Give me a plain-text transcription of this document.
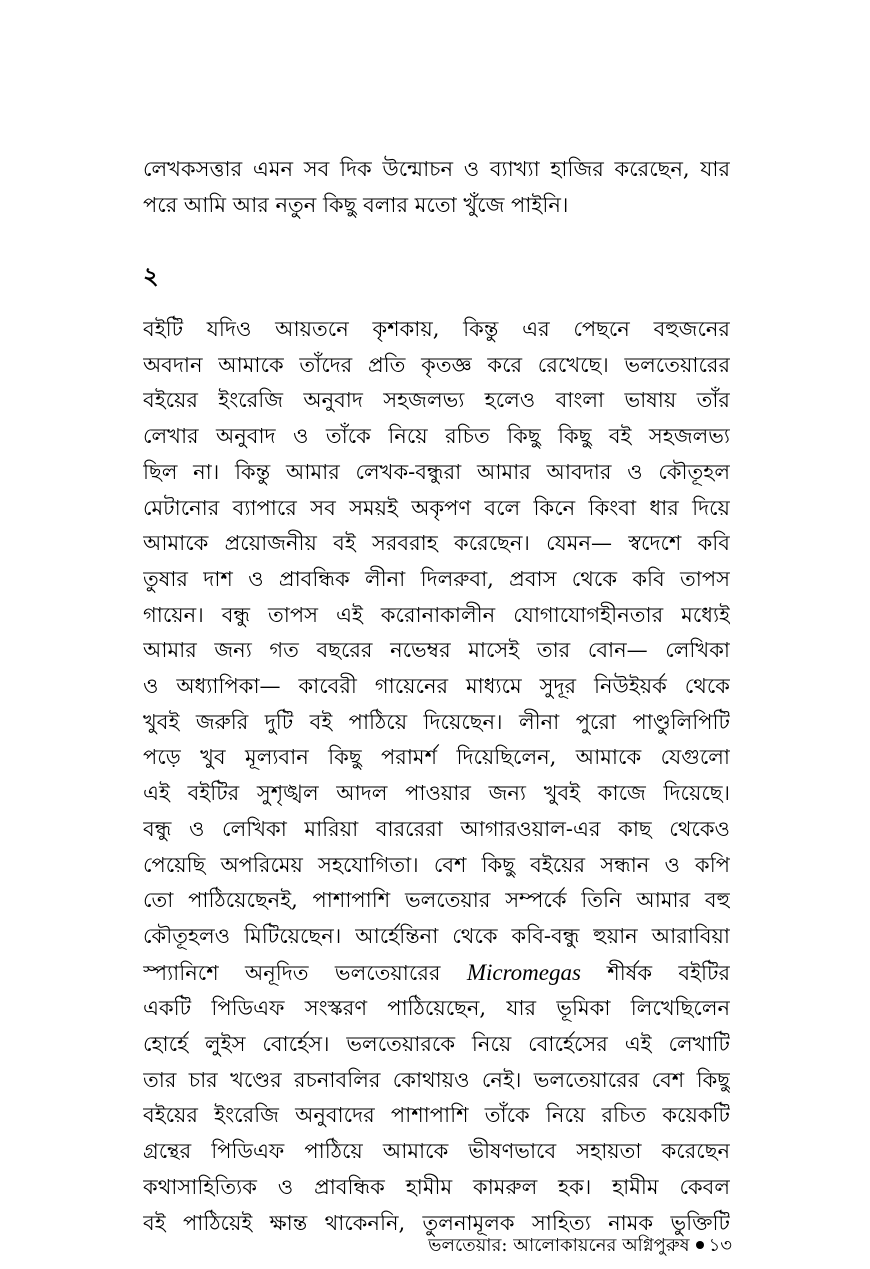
লেখকসত্তার এমন সব দিক উন্মোচন ও ব্যাখ্যা হাজির করেছেন, যার
পরে আমি আর নতুন কিছু বলার মতো খুঁজে পাইনি।

২

বইটি যদিও আয়তনে কৃশকায়, কিন্তু এর পেছনে বহুজনের
অবদান আমাকে তাঁদের প্রতি কৃতজ্ঞ করে রেখেছে। ভলতেয়ারের
বইয়ের ইংরেজি অনুবাদ সহজলভ্য হলেও বাংলা ভাষায় তাঁর
লেখার অনুবাদ ও তাঁকে নিয়ে রচিত কিছু কিছু বই সহজলভ্য
ছিল না। কিন্তু আমার লেখক-বন্ধুরা আমার আবদার ও কৌতূহল
মেটানোর ব্যাপারে সব সময়ই অকৃপণ বলে কিনে কিংবা ধার দিয়ে
আমাকে প্রয়োজনীয় বই সরবরাহ করেছেন। যেমন— স্বদেশে কবি
তুষার দাশ ও প্রাবন্ধিক লীনা দিলরুবা, প্রবাস থেকে কবি তাপস
গায়েন। বন্ধু তাপস এই করোনাকালীন যোগাযোগহীনতার মধ্যেই
আমার জন্য গত বছরের নভেম্বর মাসেই তার বোন— লেখিকা
ও অধ্যাপিকা— কাবেরী গায়েনের মাধ্যমে সুদূর নিউইয়র্ক থেকে
খুবই জরুরি দুটি বই পাঠিয়ে দিয়েছেন। লীনা পুরো পাণ্ডুলিপিটি
পড়ে খুব মূল্যবান কিছু পরামর্শ দিয়েছিলেন, আমাকে যেগুলো
এই বইটির সুশৃঙ্খল আদল পাওয়ার জন্য খুবই কাজে দিয়েছে।
বন্ধু ও লেখিকা মারিয়া বাররেরা আগারওয়াল-এর কাছ থেকেও
পেয়েছি অপরিমেয় সহযোগিতা। বেশ কিছু বইয়ের সন্ধান ও কপি
তো পাঠিয়েছেনই, পাশাপাশি ভলতেয়ার সম্পর্কে তিনি আমার বহু
কৌতূহলও মিটিয়েছেন। আর্হেন্তিনা থেকে কবি-বন্ধু হুয়ান আরাবিয়া
স্প্যানিশে অনূদিত ভলতেয়ারের Micromegas শীর্ষক বইটির
একটি পিডিএফ সংস্করণ পাঠিয়েছেন, যার ভূমিকা লিখেছিলেন
হোর্হে লুইস বোর্হেস। ভলতেয়ারকে নিয়ে বোর্হেসের এই লেখাটি
তার চার খণ্ডের রচনাবলির কোথায়ও নেই। ভলতেয়ারের বেশ কিছু
বইয়ের ইংরেজি অনুবাদের পাশাপাশি তাঁকে নিয়ে রচিত কয়েকটি
গ্রন্থের পিডিএফ পাঠিয়ে আমাকে ভীষণভাবে সহায়তা করেছেন
কথাসাহিত্যিক ও প্রাবন্ধিক হামীম কামরুল হক। হামীম কেবল
বই পাঠিয়েই ক্ষান্ত থাকেননি, তুলনামূলক সাহিত্য নামক ভুক্তিটি

ভলতেয়ার: আলোকায়নের অগ্নিপুরুষ ১৩
